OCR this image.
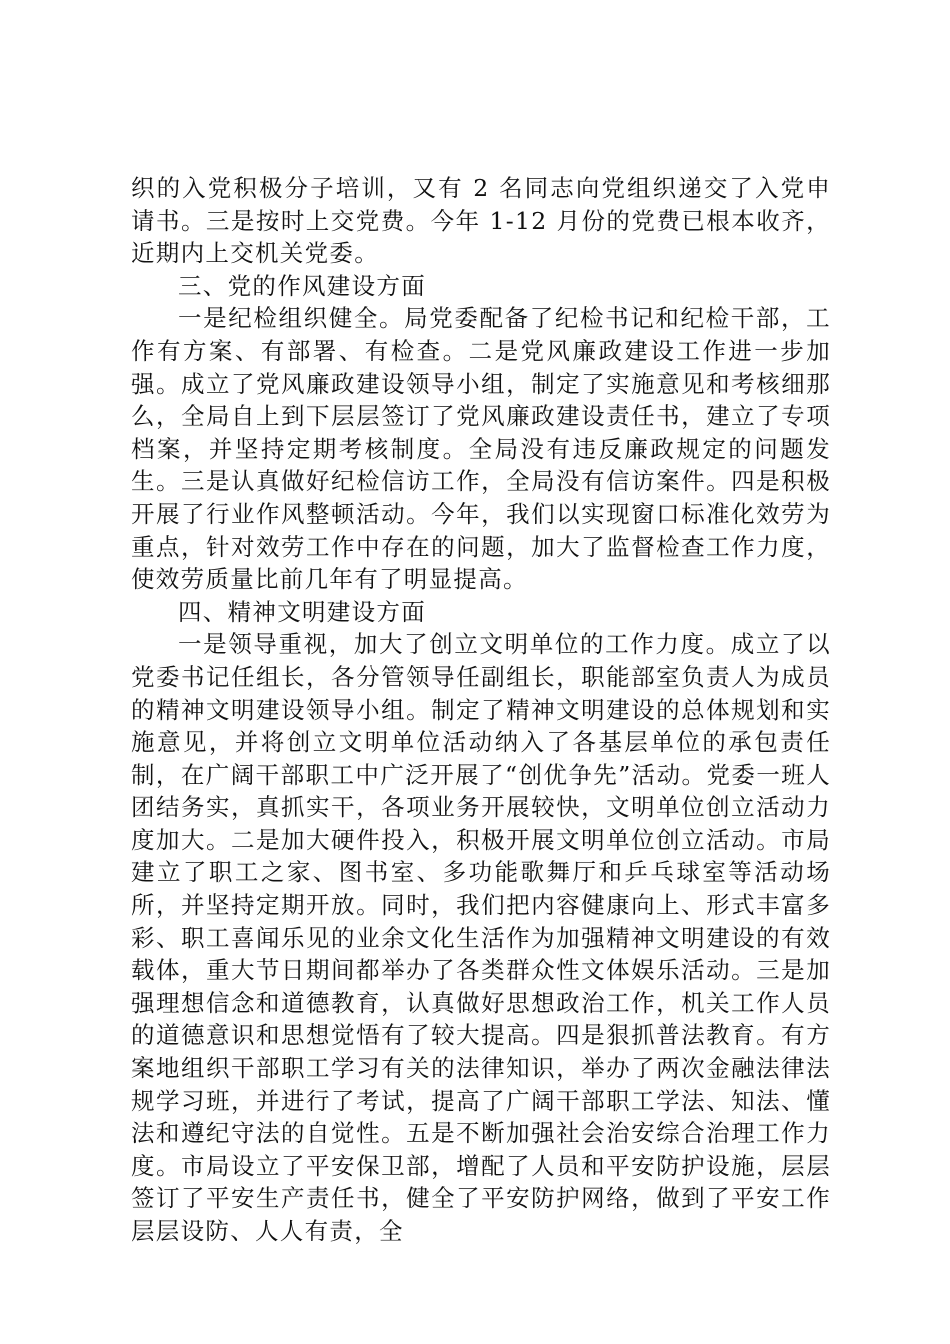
织的入党积极分子培训，又有 2 名同志向党组织递交了入党申请书。三是按时上交党费。今年 1-12 月份的党费已根本收齐，近期内上交机关党委。

三、党的作风建设方面

一是纪检组织健全。局党委配备了纪检书记和纪检干部，工作有方案、有部署、有检查。二是党风廉政建设工作进一步加强。成立了党风廉政建设领导小组，制定了实施意见和考核细那么，全局自上到下层层签订了党风廉政建设责任书，建立了专项档案，并坚持定期考核制度。全局没有违反廉政规定的问题发生。三是认真做好纪检信访工作，全局没有信访案件。四是积极开展了行业作风整顿活动。今年，我们以实现窗口标准化效劳为重点，针对效劳工作中存在的问题，加大了监督检查工作力度，使效劳质量比前几年有了明显提高。

四、精神文明建设方面

一是领导重视，加大了创立文明单位的工作力度。成立了以党委书记任组长，各分管领导任副组长，职能部室负责人为成员的精神文明建设领导小组。制定了精神文明建设的总体规划和实施意见，并将创立文明单位活动纳入了各基层单位的承包责任制，在广阔干部职工中广泛开展了“创优争先”活动。党委一班人团结务实，真抓实干，各项业务开展较快，文明单位创立活动力度加大。二是加大硬件投入，积极开展文明单位创立活动。市局建立了职工之家、图书室、多功能歌舞厅和乒乓球室等活动场所，并坚持定期开放。同时，我们把内容健康向上、形式丰富多彩、职工喜闻乐见的业余文化生活作为加强精神文明建设的有效载体，重大节日期间都举办了各类群众性文体娱乐活动。三是加强理想信念和道德教育，认真做好思想政治工作，机关工作人员的道德意识和思想觉悟有了较大提高。四是狠抓普法教育。有方案地组织干部职工学习有关的法律知识，举办了两次金融法律法规学习班，并进行了考试，提高了广阔干部职工学法、知法、懂法和遵纪守法的自觉性。五是不断加强社会治安综合治理工作力度。市局设立了平安保卫部，增配了人员和平安防护设施，层层签订了平安生产责任书，健全了平安防护网络，做到了平安工作层层设防、人人有责，全
